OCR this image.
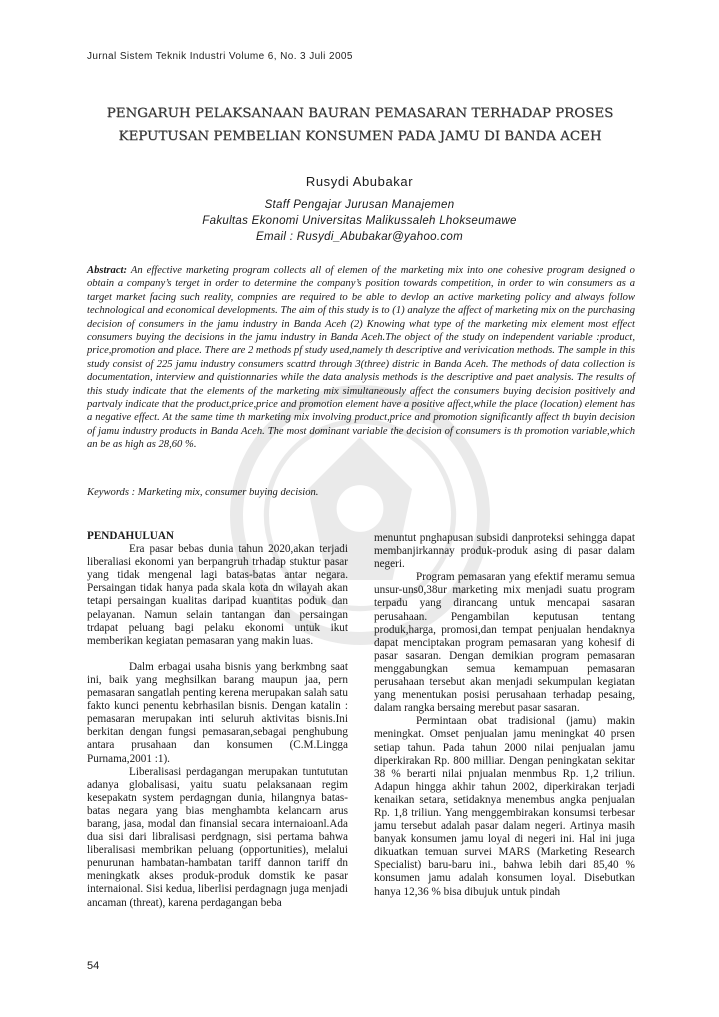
Jurnal Sistem Teknik Industri Volume 6, No. 3 Juli 2005
PENGARUH PELAKSANAAN BAURAN PEMASARAN TERHADAP PROSES
KEPUTUSAN PEMBELIAN KONSUMEN PADA JAMU DI BANDA ACEH
Rusydi Abubakar
Staff Pengajar Jurusan Manajemen
Fakultas Ekonomi Universitas Malikussaleh Lhokseumawe
Email : Rusydi_Abubakar@yahoo.com
Abstract: An effective marketing program collects all of elemen of the marketing mix into one cohesive program designed o obtain a company’s terget in order to determine the company’s position towards competition, in order to win consumers as a target market facing such reality, compnies are required to be able to devlop an active marketing policy and always follow technological and economical developments. The aim of this study is to (1) analyze the affect of marketing mix on the purchasing decision of consumers in the jamu industry in Banda Aceh (2) Knowing what type of the marketing mix element most effect consumers buying the decisions in the jamu industry in Banda Aceh.The object of the study on independent variable :product, price,promotion and place. There are 2 methods pf study used,namely th descriptive and verivication methods. The sample in this study consist of 225 jamu industry consumers scattrd through 3(three) distric in Banda Aceh. The methods of data collection is documentation, interview and quistionnaries while the data analysis methods is the descriptive and paet analysis. The results of this study indicate that the elements of the marketing mix simultaneously affect the consumers buying decision positively and partvaly indicate that the product,price,price and promotion element have a positive affect,while the place (location) element has a negative effect. At the same time th marketing mix involving product,price and promotion significantly affect th buyin decision of jamu industry products in Banda Aceh. The most dominant variable the decision of consumers is th promotion variable,which an be as high as 28,60 %.
Keywords : Marketing mix, consumer buying decision.

PENDAHULUAN

Era pasar bebas dunia tahun 2020,akan terjadi liberaliasi ekonomi yan berpangruh trhadap stuktur pasar yang tidak mengenal lagi batas-batas antar negara. Persaingan tidak hanya pada skala kota dn wilayah akan tetapi persaingan kualitas daripad kuantitas poduk dan pelayanan. Namun selain tantangan dan persaingan trdapat peluang bagi pelaku ekonomi untuk ikut memberikan kegiatan pemasaran yang makin luas.

Dalm erbagai usaha bisnis yang berkmbng saat ini, baik yang meghsilkan barang maupun jaa, pern pemasaran sangatlah penting kerena merupakan salah satu fakto kunci penentu kebrhasilan bisnis. Dengan katalin : pemasaran merupakan inti seluruh aktivitas bisnis.Ini berkitan dengan fungsi pemasaran,sebagai penghubung antara prusahaan dan konsumen (C.M.Lingga Purnama,2001 :1).

Liberalisasi perdagangan merupakan tuntututan adanya globalisasi, yaitu suatu pelaksanaan regim kesepakatn system perdagngan dunia, hilangnya batas-batas negara yang bias menghambta kelancarn arus barang, jasa, modal dan finansial secara internaioanl.Ada dua sisi dari libralisasi perdgnagn, sisi pertama bahwa liberalisasi membrikan peluang (opportunities), melalui penurunan hambatan-hambatan tariff dannon tariff dn meningkatk akses produk-produk domstik ke pasar internaional. Sisi kedua, liberlisi perdagnagn juga menjadi ancaman (threat), karena perdagangan beba

menuntut pnghapusan subsidi danproteksi sehingga dapat membanjirkannay produk-produk asing di pasar dalam negeri.

Program pemasaran yang efektif meramu semua unsur-uns0,38ur marketing mix menjadi suatu program terpadu yang dirancang untuk mencapai sasaran perusahaan. Pengambilan keputusan tentang produk,harga, promosi,dan tempat penjualan hendaknya dapat menciptakan program pemasaran yang kohesif di pasar sasaran. Dengan demikian program pemasaran menggabungkan semua kemampuan pemasaran perusahaan tersebut akan menjadi sekumpulan kegiatan yang menentukan posisi perusahaan terhadap pesaing, dalam rangka bersaing merebut pasar sasaran.

Permintaan obat tradisional (jamu) makin meningkat. Omset penjualan jamu meningkat 40 prsen setiap tahun. Pada tahun 2000 nilai penjualan jamu diperkirakan Rp. 800 milliar. Dengan peningkatan sekitar 38 % berarti nilai pnjualan menmbus Rp. 1,2 triliun. Adapun hingga akhir tahun 2002, diperkirakan terjadi kenaikan setara, setidaknya menembus angka penjualan Rp. 1,8 triliun. Yang menggembirakan konsumsi terbesar jamu tersebut adalah pasar dalam negeri. Artinya masih banyak konsumen jamu loyal di negeri ini. Hal ini juga dikuatkan temuan survei MARS (Marketing Research Specialist) baru-baru ini., bahwa lebih dari 85,40 % konsumen jamu adalah konsumen loyal. Disebutkan hanya 12,36 % bisa dibujuk untuk pindah

54
